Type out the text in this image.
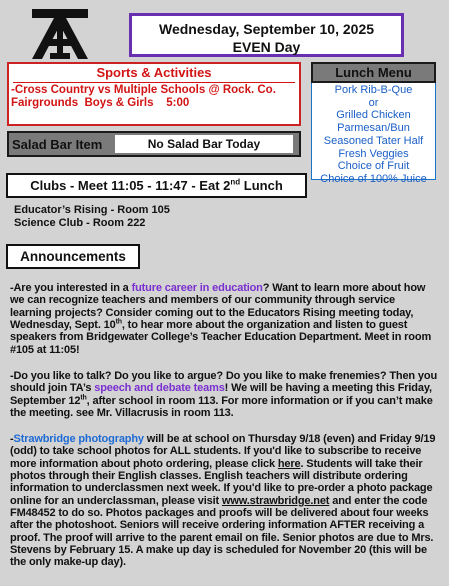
Wednesday, September 10, 2025
EVEN Day
Sports & Activities
-Cross Country vs Multiple Schools @ Rock. Co.
Fairgrounds  Boys & Girls    5:00
Lunch Menu
Pork Rib-B-Que
or
Grilled Chicken
Parmesan/Bun
Seasoned Tater Half
Fresh Veggies
Choice of Fruit
Choice of 100% Juice
Salad Bar Item	No Salad Bar Today
Clubs - Meet 11:05 - 11:47 - Eat 2nd Lunch
Educator’s Rising - Room 105
Science Club - Room 222
Announcements
-Are you interested in a future career in education? Want to learn more about how we can recognize teachers and members of our community through service learning projects? Consider coming out to the Educators Rising meeting today, Wednesday, Sept. 10th, to hear more about the organization and listen to guest speakers from Bridgewater College’s Teacher Education Department. Meet in room #105 at 11:05!
-Do you like to talk? Do you like to argue? Do you like to make frenemies? Then you should join TA’s speech and debate teams! We will be having a meeting this Friday, September 12th, after school in room 113. For more information or if you can’t make the meeting. see Mr. Villacrusis in room 113.
-Strawbridge photography will be at school on Thursday 9/18 (even) and Friday 9/19 (odd) to take school photos for ALL students. If you'd like to subscribe to receive more information about photo ordering, please click here. Students will take their photos through their English classes. English teachers will distribute ordering information to underclassmen next week. If you'd like to pre-order a photo package online for an underclassman, please visit www.strawbridge.net and enter the code FM48452 to do so. Photos packages and proofs will be delivered about four weeks after the photoshoot. Seniors will receive ordering information AFTER receiving a proof. The proof will arrive to the parent email on file. Senior photos are due to Mrs. Stevens by February 15. A make up day is scheduled for November 20 (this will be the only make-up day).
